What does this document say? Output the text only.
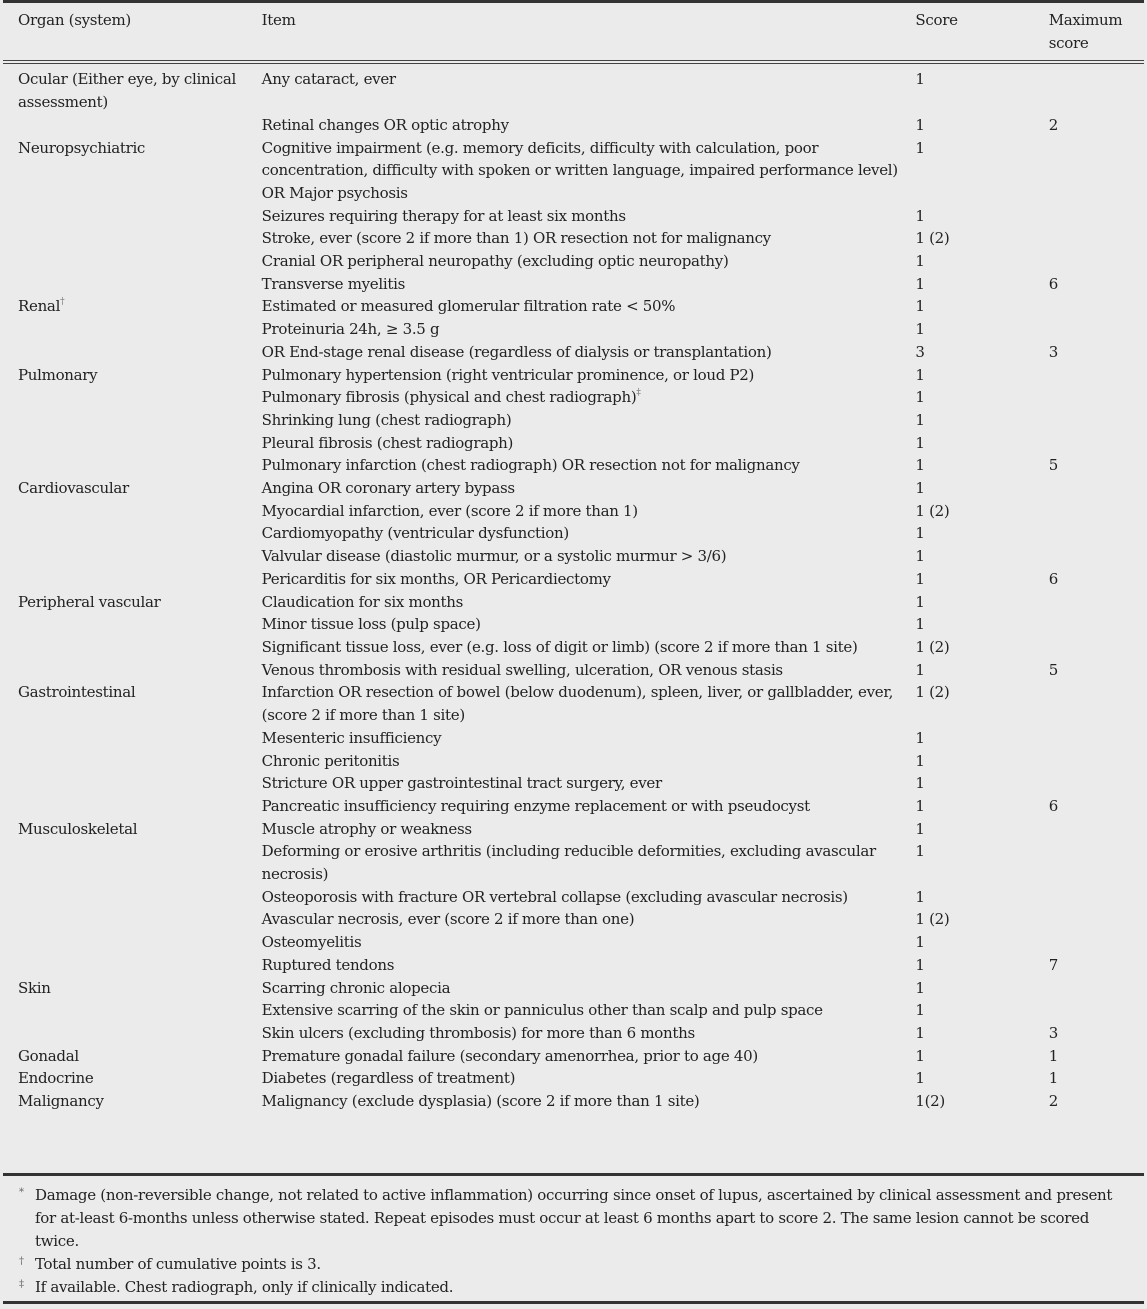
Organ (system)	Item	Score	Maximum score
Ocular (Either eye, by clinical assessment)	Any cataract, ever	1	
	Retinal changes OR optic atrophy	1	2
Neuropsychiatric	Cognitive impairment (e.g. memory deficits, difficulty with calculation, poor concentration, difficulty with spoken or written language, impaired performance level) OR Major psychosis	1	
	Seizures requiring therapy for at least six months	1	
	Stroke, ever (score 2 if more than 1) OR resection not for malignancy	1 (2)	
	Cranial OR peripheral neuropathy (excluding optic neuropathy)	1	
	Transverse myelitis	1	6
Renal†	Estimated or measured glomerular filtration rate < 50%	1	
	Proteinuria 24h, ≥ 3.5 g	1	
	OR End-stage renal disease (regardless of dialysis or transplantation)	3	3
Pulmonary	Pulmonary hypertension (right ventricular prominence, or loud P2)	1	
	Pulmonary fibrosis (physical and chest radiograph)‡	1	
	Shrinking lung (chest radiograph)	1	
	Pleural fibrosis (chest radiograph)	1	
	Pulmonary infarction (chest radiograph) OR resection not for malignancy	1	5
Cardiovascular	Angina OR coronary artery bypass	1	
	Myocardial infarction, ever (score 2 if more than 1)	1 (2)	
	Cardiomyopathy (ventricular dysfunction)	1	
	Valvular disease (diastolic murmur, or a systolic murmur > 3/6)	1	
	Pericarditis for six months, OR Pericardiectomy	1	6
Peripheral vascular	Claudication for six months	1	
	Minor tissue loss (pulp space)	1	
	Significant tissue loss, ever (e.g. loss of digit or limb) (score 2 if more than 1 site)	1 (2)	
	Venous thrombosis with residual swelling, ulceration, OR venous stasis	1	5
Gastrointestinal	Infarction OR resection of bowel (below duodenum), spleen, liver, or gallbladder, ever, (score 2 if more than 1 site)	1 (2)	
	Mesenteric insufficiency	1	
	Chronic peritonitis	1	
	Stricture OR upper gastrointestinal tract surgery, ever	1	
	Pancreatic insufficiency requiring enzyme replacement or with pseudocyst	1	6
Musculoskeletal	Muscle atrophy or weakness	1	
	Deforming or erosive arthritis (including reducible deformities, excluding avascular necrosis)	1	
	Osteoporosis with fracture OR vertebral collapse (excluding avascular necrosis)	1	
	Avascular necrosis, ever (score 2 if more than one)	1 (2)	
	Osteomyelitis	1	
	Ruptured tendons	1	7
Skin	Scarring chronic alopecia	1	
	Extensive scarring of the skin or panniculus other than scalp and pulp space	1	
	Skin ulcers (excluding thrombosis) for more than 6 months	1	3
Gonadal	Premature gonadal failure (secondary amenorrhea, prior to age 40)	1	1
Endocrine	Diabetes (regardless of treatment)	1	1
Malignancy	Malignancy (exclude dysplasia) (score 2 if more than 1 site)	1(2)	2
* Damage (non-reversible change, not related to active inflammation) occurring since onset of lupus, ascertained by clinical assessment and present for at-least 6-months unless otherwise stated. Repeat episodes must occur at least 6 months apart to score 2. The same lesion cannot be scored twice.
† Total number of cumulative points is 3.
‡ If available. Chest radiograph, only if clinically indicated.
